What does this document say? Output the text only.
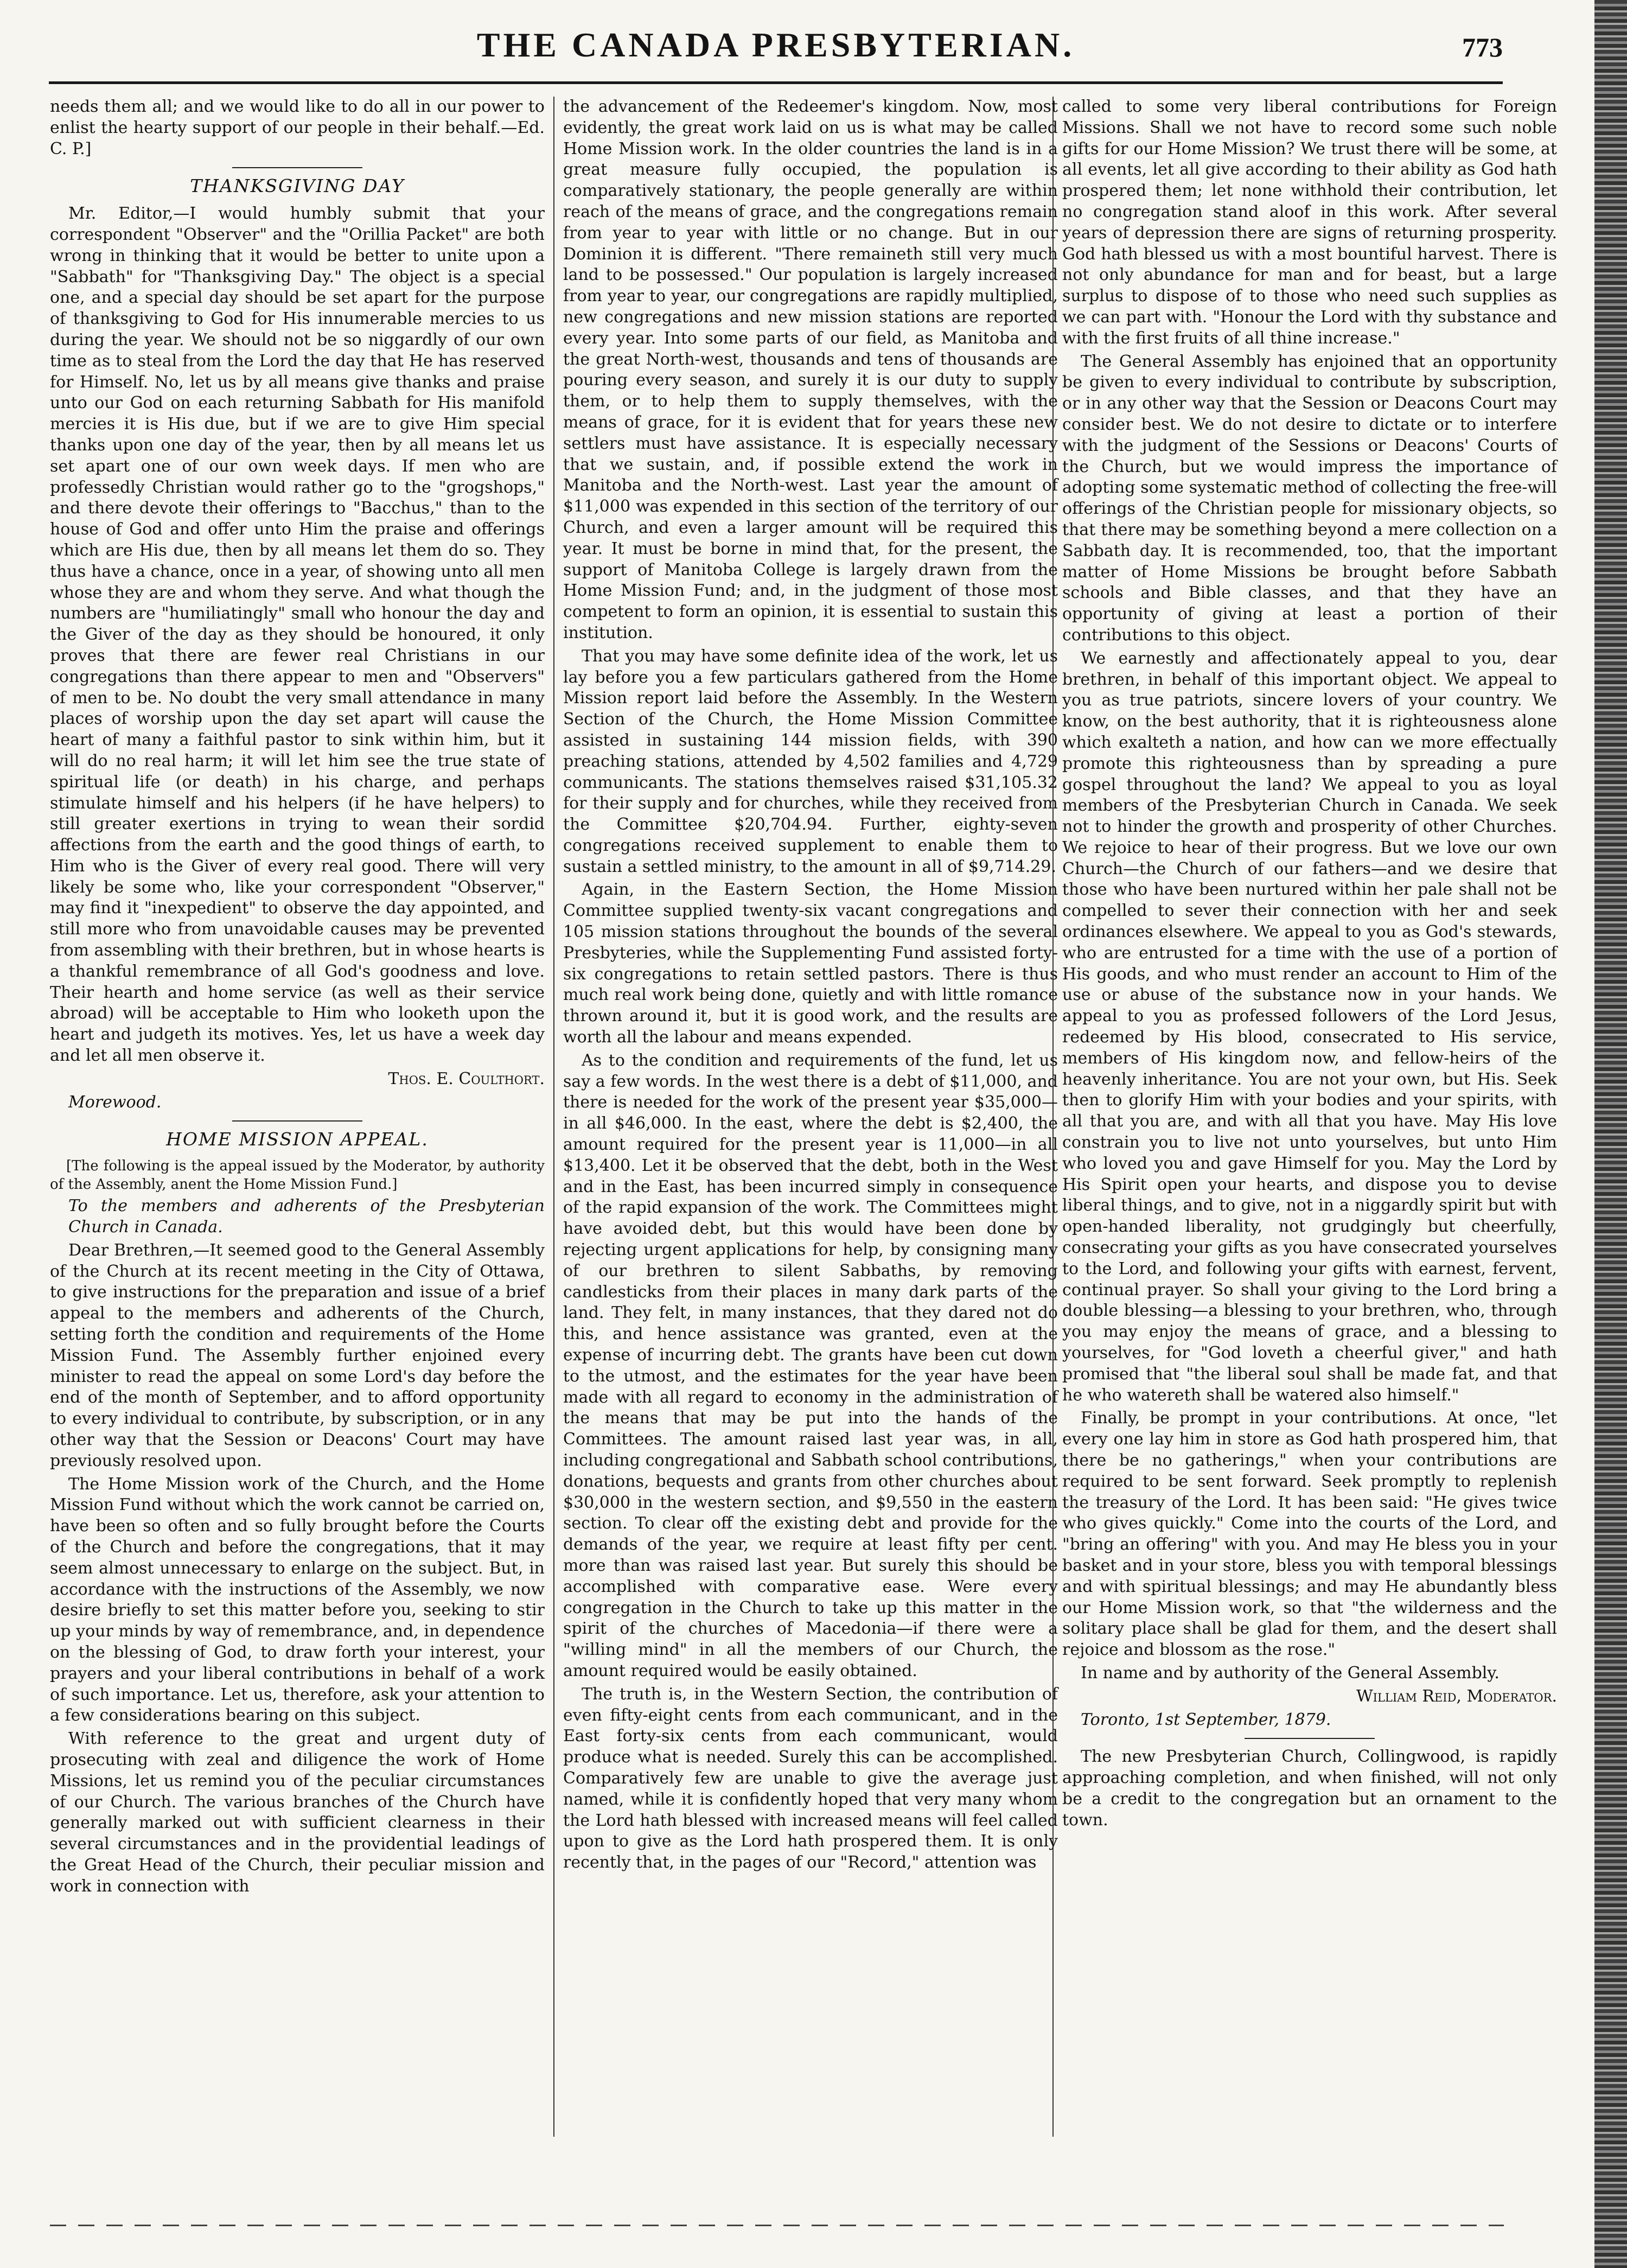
THE CANADA PRESBYTERIAN.	773

needs them all; and we would like to do all in our power to enlist the hearty support of our people in their behalf.—Ed. C. P.]

THANKSGIVING DAY

Mr. Editor,—I would humbly submit that your correspondent "Observer" and the "Orillia Packet" are both wrong in thinking that it would be better to unite upon a "Sabbath" for "Thanksgiving Day." The object is a special one, and a special day should be set apart for the purpose of thanksgiving to God for His innumerable mercies to us during the year. We should not be so niggardly of our own time as to steal from the Lord the day that He has reserved for Himself. No, let us by all means give thanks and praise unto our God on each returning Sabbath for His manifold mercies it is His due, but if we are to give Him special thanks upon one day of the year, then by all means let us set apart one of our own week days. If men who are professedly Christian would rather go to the "grogshops," and there devote their offerings to "Bacchus," than to the house of God and offer unto Him the praise and offerings which are His due, then by all means let them do so. They thus have a chance, once in a year, of showing unto all men whose they are and whom they serve. And what though the numbers are "humiliatingly" small who honour the day and the Giver of the day as they should be honoured, it only proves that there are fewer real Christians in our congregations than there appear to men and "Observers" of men to be. No doubt the very small attendance in many places of worship upon the day set apart will cause the heart of many a faithful pastor to sink within him, but it will do no real harm; it will let him see the true state of spiritual life (or death) in his charge, and perhaps stimulate himself and his helpers (if he have helpers) to still greater exertions in trying to wean their sordid affections from the earth and the good things of earth, to Him who is the Giver of every real good. There will very likely be some who, like your correspondent "Observer," may find it "inexpedient" to observe the day appointed, and still more who from unavoidable causes may be prevented from assembling with their brethren, but in whose hearts is a thankful remembrance of all God's goodness and love. Their hearth and home service (as well as their service abroad) will be acceptable to Him who looketh upon the heart and judgeth its motives. Yes, let us have a week day and let all men observe it.

Thos. E. Coulthort.

Morewood.

HOME MISSION APPEAL.

[The following is the appeal issued by the Moderator, by authority of the Assembly, anent the Home Mission Fund.]

To the members and adherents of the Presbyterian Church in Canada.

Dear Brethren,—It seemed good to the General Assembly of the Church at its recent meeting in the City of Ottawa, to give instructions for the preparation and issue of a brief appeal to the members and adherents of the Church, setting forth the condition and requirements of the Home Mission Fund. The Assembly further enjoined every minister to read the appeal on some Lord's day before the end of the month of September, and to afford opportunity to every individual to contribute, by subscription, or in any other way that the Session or Deacons' Court may have previously resolved upon.

The Home Mission work of the Church, and the Home Mission Fund without which the work cannot be carried on, have been so often and so fully brought before the Courts of the Church and before the congregations, that it may seem almost unnecessary to enlarge on the subject. But, in accordance with the instructions of the Assembly, we now desire briefly to set this matter before you, seeking to stir up your minds by way of remembrance, and, in dependence on the blessing of God, to draw forth your interest, your prayers and your liberal contributions in behalf of a work of such importance. Let us, therefore, ask your attention to a few considerations bearing on this subject.

With reference to the great and urgent duty of prosecuting with zeal and diligence the work of Home Missions, let us remind you of the peculiar circumstances of our Church. The various branches of the Church have generally marked out with sufficient clearness in their several circumstances and in the providential leadings of the Great Head of the Church, their peculiar mission and work in connection with

the advancement of the Redeemer's kingdom. Now, most evidently, the great work laid on us is what may be called Home Mission work. In the older countries the land is in a great measure fully occupied, the population is comparatively stationary, the people generally are within reach of the means of grace, and the congregations remain from year to year with little or no change. But in our Dominion it is different. "There remaineth still very much land to be possessed." Our population is largely increased from year to year, our congregations are rapidly multiplied, new congregations and new mission stations are reported every year. Into some parts of our field, as Manitoba and the great North-west, thousands and tens of thousands are pouring every season, and surely it is our duty to supply them, or to help them to supply themselves, with the means of grace, for it is evident that for years these new settlers must have assistance. It is especially necessary that we sustain, and, if possible extend the work in Manitoba and the North-west. Last year the amount of $11,000 was expended in this section of the territory of our Church, and even a larger amount will be required this year. It must be borne in mind that, for the present, the support of Manitoba College is largely drawn from the Home Mission Fund; and, in the judgment of those most competent to form an opinion, it is essential to sustain this institution.

That you may have some definite idea of the work, let us lay before you a few particulars gathered from the Home Mission report laid before the Assembly. In the Western Section of the Church, the Home Mission Committee assisted in sustaining 144 mission fields, with 390 preaching stations, attended by 4,502 families and 4,729 communicants. The stations themselves raised $31,105.32 for their supply and for churches, while they received from the Committee $20,704.94. Further, eighty-seven congregations received supplement to enable them to sustain a settled ministry, to the amount in all of $9,714.29.

Again, in the Eastern Section, the Home Mission Committee supplied twenty-six vacant congregations and 105 mission stations throughout the bounds of the several Presbyteries, while the Supplementing Fund assisted forty-six congregations to retain settled pastors. There is thus much real work being done, quietly and with little romance thrown around it, but it is good work, and the results are worth all the labour and means expended.

As to the condition and requirements of the fund, let us say a few words. In the west there is a debt of $11,000, and there is needed for the work of the present year $35,000—in all $46,000. In the east, where the debt is $2,400, the amount required for the present year is 11,000—in all $13,400. Let it be observed that the debt, both in the West and in the East, has been incurred simply in consequence of the rapid expansion of the work. The Committees might have avoided debt, but this would have been done by rejecting urgent applications for help, by consigning many of our brethren to silent Sabbaths, by removing candlesticks from their places in many dark parts of the land. They felt, in many instances, that they dared not do this, and hence assistance was granted, even at the expense of incurring debt. The grants have been cut down to the utmost, and the estimates for the year have been made with all regard to economy in the administration of the means that may be put into the hands of the Committees. The amount raised last year was, in all, including congregational and Sabbath school contributions, donations, bequests and grants from other churches about $30,000 in the western section, and $9,550 in the eastern section. To clear off the existing debt and provide for the demands of the year, we require at least fifty per cent. more than was raised last year. But surely this should be accomplished with comparative ease. Were every congregation in the Church to take up this matter in the spirit of the churches of Macedonia—if there were a "willing mind" in all the members of our Church, the amount required would be easily obtained.

The truth is, in the Western Section, the contribution of even fifty-eight cents from each communicant, and in the East forty-six cents from each communicant, would produce what is needed. Surely this can be accomplished. Comparatively few are unable to give the average just named, while it is confidently hoped that very many whom the Lord hath blessed with increased means will feel called upon to give as the Lord hath prospered them. It is only recently that, in the pages of our "Record," attention was

called to some very liberal contributions for Foreign Missions. Shall we not have to record some such noble gifts for our Home Mission? We trust there will be some, at all events, let all give according to their ability as God hath prospered them; let none withhold their contribution, let no congregation stand aloof in this work. After several years of depression there are signs of returning prosperity. God hath blessed us with a most bountiful harvest. There is not only abundance for man and for beast, but a large surplus to dispose of to those who need such supplies as we can part with. "Honour the Lord with thy substance and with the first fruits of all thine increase."

The General Assembly has enjoined that an opportunity be given to every individual to contribute by subscription, or in any other way that the Session or Deacons Court may consider best. We do not desire to dictate or to interfere with the judgment of the Sessions or Deacons' Courts of the Church, but we would impress the importance of adopting some systematic method of collecting the free-will offerings of the Christian people for missionary objects, so that there may be something beyond a mere collection on a Sabbath day. It is recommended, too, that the important matter of Home Missions be brought before Sabbath schools and Bible classes, and that they have an opportunity of giving at least a portion of their contributions to this object.

We earnestly and affectionately appeal to you, dear brethren, in behalf of this important object. We appeal to you as true patriots, sincere lovers of your country. We know, on the best authority, that it is righteousness alone which exalteth a nation, and how can we more effectually promote this righteousness than by spreading a pure gospel throughout the land? We appeal to you as loyal members of the Presbyterian Church in Canada. We seek not to hinder the growth and prosperity of other Churches. We rejoice to hear of their progress. But we love our own Church—the Church of our fathers—and we desire that those who have been nurtured within her pale shall not be compelled to sever their connection with her and seek ordinances elsewhere. We appeal to you as God's stewards, who are entrusted for a time with the use of a portion of His goods, and who must render an account to Him of the use or abuse of the substance now in your hands. We appeal to you as professed followers of the Lord Jesus, redeemed by His blood, consecrated to His service, members of His kingdom now, and fellow-heirs of the heavenly inheritance. You are not your own, but His. Seek then to glorify Him with your bodies and your spirits, with all that you are, and with all that you have. May His love constrain you to live not unto yourselves, but unto Him who loved you and gave Himself for you. May the Lord by His Spirit open your hearts, and dispose you to devise liberal things, and to give, not in a niggardly spirit but with open-handed liberality, not grudgingly but cheerfully, consecrating your gifts as you have consecrated yourselves to the Lord, and following your gifts with earnest, fervent, continual prayer. So shall your giving to the Lord bring a double blessing—a blessing to your brethren, who, through you may enjoy the means of grace, and a blessing to yourselves, for "God loveth a cheerful giver," and hath promised that "the liberal soul shall be made fat, and that he who watereth shall be watered also himself."

Finally, be prompt in your contributions. At once, "let every one lay him in store as God hath prospered him, that there be no gatherings," when your contributions are required to be sent forward. Seek promptly to replenish the treasury of the Lord. It has been said: "He gives twice who gives quickly." Come into the courts of the Lord, and "bring an offering" with you. And may He bless you in your basket and in your store, bless you with temporal blessings and with spiritual blessings; and may He abundantly bless our Home Mission work, so that "the wilderness and the solitary place shall be glad for them, and the desert shall rejoice and blossom as the rose."

In name and by authority of the General Assembly.

William Reid, Moderator.

Toronto, 1st September, 1879.

The new Presbyterian Church, Collingwood, is rapidly approaching completion, and when finished, will not only be a credit to the congregation but an ornament to the town.
